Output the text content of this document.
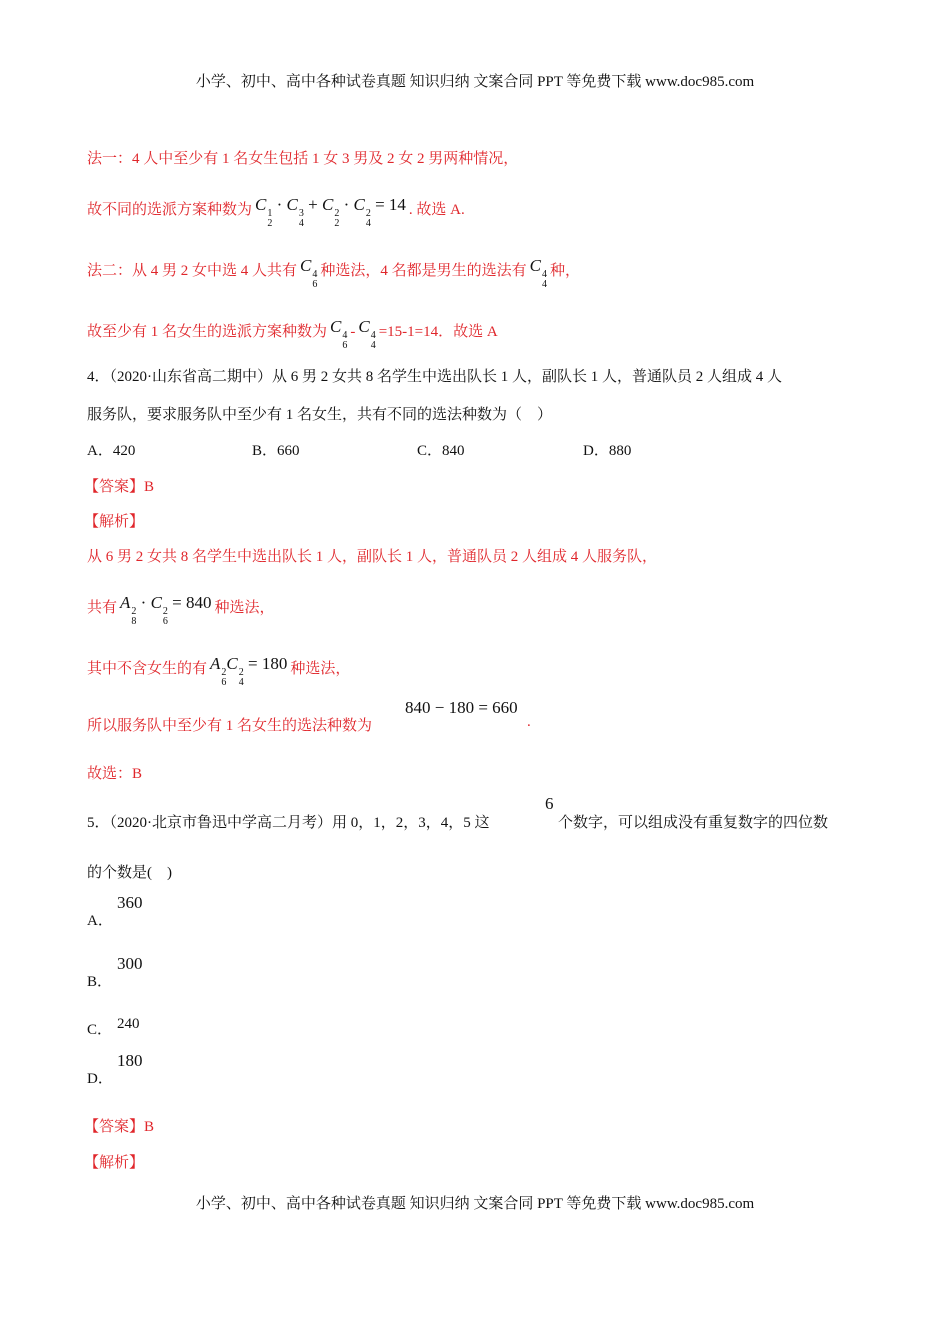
小学、初中、高中各种试卷真题 知识归纳 文案合同 PPT 等免费下载 www.doc985.com
法一：4 人中至少有 1 名女生包括 1 女 3 男及 2 女 2 男两种情况，
故不同的选派方案种数为 C 1
2
· C 3
4
+ C 2
2
· C 2
4
= 14. 故选 A.
法二：从 4 男 2 女中选 4 人共有 C 4
6
种选法，4 名都是男生的选法有 C 4
4
种，
故至少有 1 名女生的选派方案种数为 C 4
6
- C 4
4
=15-1=14．故选 A
4．（2020·山东省高二期中）从 6 男 2 女共 8 名学生中选出队长 1 人，副队长 1 人，普通队员 2 人组成 4 人
服务队，要求服务队中至少有 1 名女生，共有不同的选法种数为（　）
A．420	B．660	C．840	D．880
【答案】B
【解析】
从 6 男 2 女共 8 名学生中选出队长 1 人，副队长 1 人，普通队员 2 人组成 4 人服务队，
共有 A 2
8
· C 2
6
= 840种选法，
其中不含女生的有 A 2
6
C 2
4
= 180种选法，
所以服务队中至少有 1 名女生的选法种数为
840 − 180 = 660
.
故选：B
5．（2020·北京市鲁迅中学高二月考）用 0，1，2，3，4，5 这
6
个数字，可以组成没有重复数字的四位数
的个数是(　)
A．
360
B．
300
C． 240
D．
180
【答案】B
【解析】
小学、初中、高中各种试卷真题 知识归纳 文案合同 PPT 等免费下载 www.doc985.com
